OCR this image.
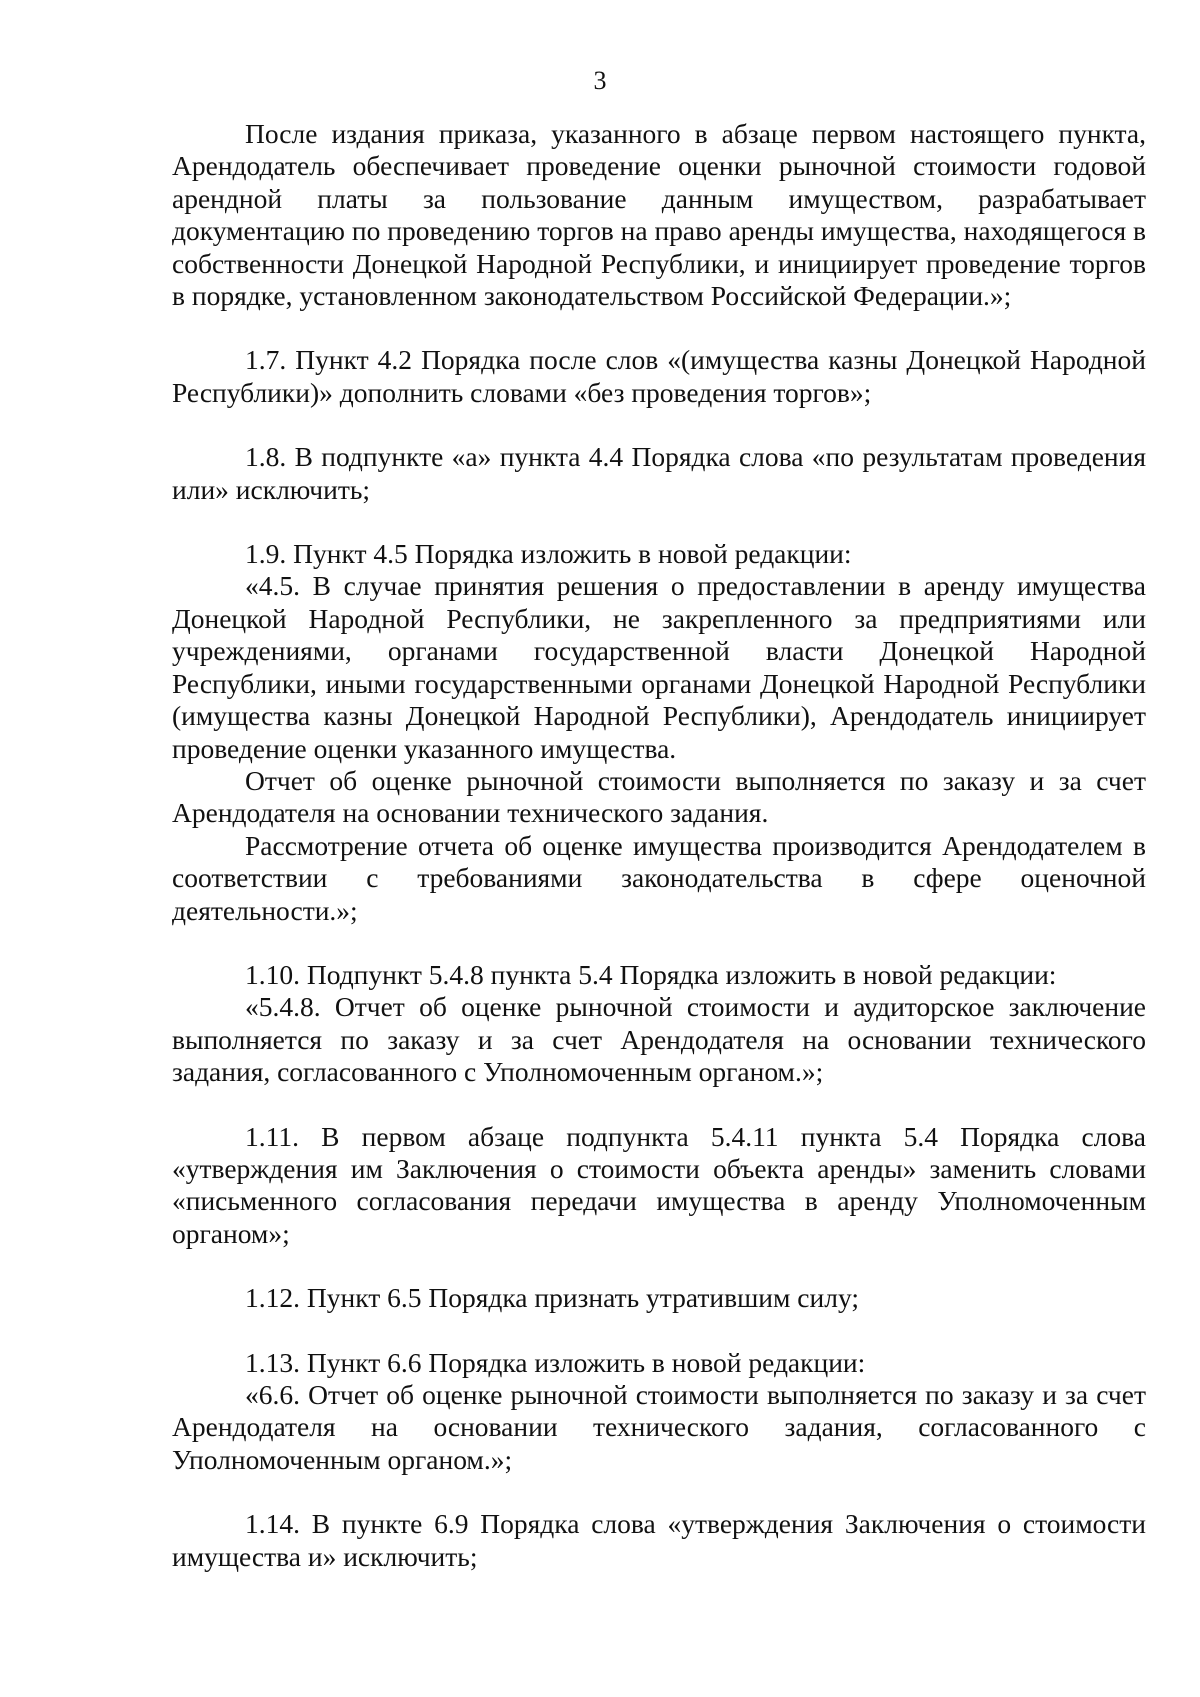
3

После издания приказа, указанного в абзаце первом настоящего пункта, Арендодатель обеспечивает проведение оценки рыночной стоимости годовой арендной платы за пользование данным имуществом, разрабатывает документацию по проведению торгов на право аренды имущества, находящегося в собственности Донецкой Народной Республики, и инициирует проведение торгов в порядке, установленном законодательством Российской Федерации.»;

1.7. Пункт 4.2 Порядка после слов «(имущества казны Донецкой Народной Республики)» дополнить словами «без проведения торгов»;

1.8. В подпункте «а» пункта 4.4 Порядка слова «по результатам проведения или» исключить;

1.9. Пункт 4.5 Порядка изложить в новой редакции:

«4.5. В случае принятия решения о предоставлении в аренду имущества Донецкой Народной Республики, не закрепленного за предприятиями или учреждениями, органами государственной власти Донецкой Народной Республики, иными государственными органами Донецкой Народной Республики (имущества казны Донецкой Народной Республики), Арендодатель инициирует проведение оценки указанного имущества.

Отчет об оценке рыночной стоимости выполняется по заказу и за счет Арендодателя на основании технического задания.

Рассмотрение отчета об оценке имущества производится Арендодателем в соответствии с требованиями законодательства в сфере оценочной деятельности.»;

1.10. Подпункт 5.4.8 пункта 5.4 Порядка изложить в новой редакции:

«5.4.8. Отчет об оценке рыночной стоимости и аудиторское заключение выполняется по заказу и за счет Арендодателя на основании технического задания, согласованного с Уполномоченным органом.»;

1.11. В первом абзаце подпункта 5.4.11 пункта 5.4 Порядка слова «утверждения им Заключения о стоимости объекта аренды» заменить словами «письменного согласования передачи имущества в аренду Уполномоченным органом»;

1.12. Пункт 6.5 Порядка признать утратившим силу;

1.13. Пункт 6.6 Порядка изложить в новой редакции:

«6.6. Отчет об оценке рыночной стоимости выполняется по заказу и за счет Арендодателя на основании технического задания, согласованного с Уполномоченным органом.»;

1.14. В пункте 6.9 Порядка слова «утверждения Заключения о стоимости имущества и» исключить;
